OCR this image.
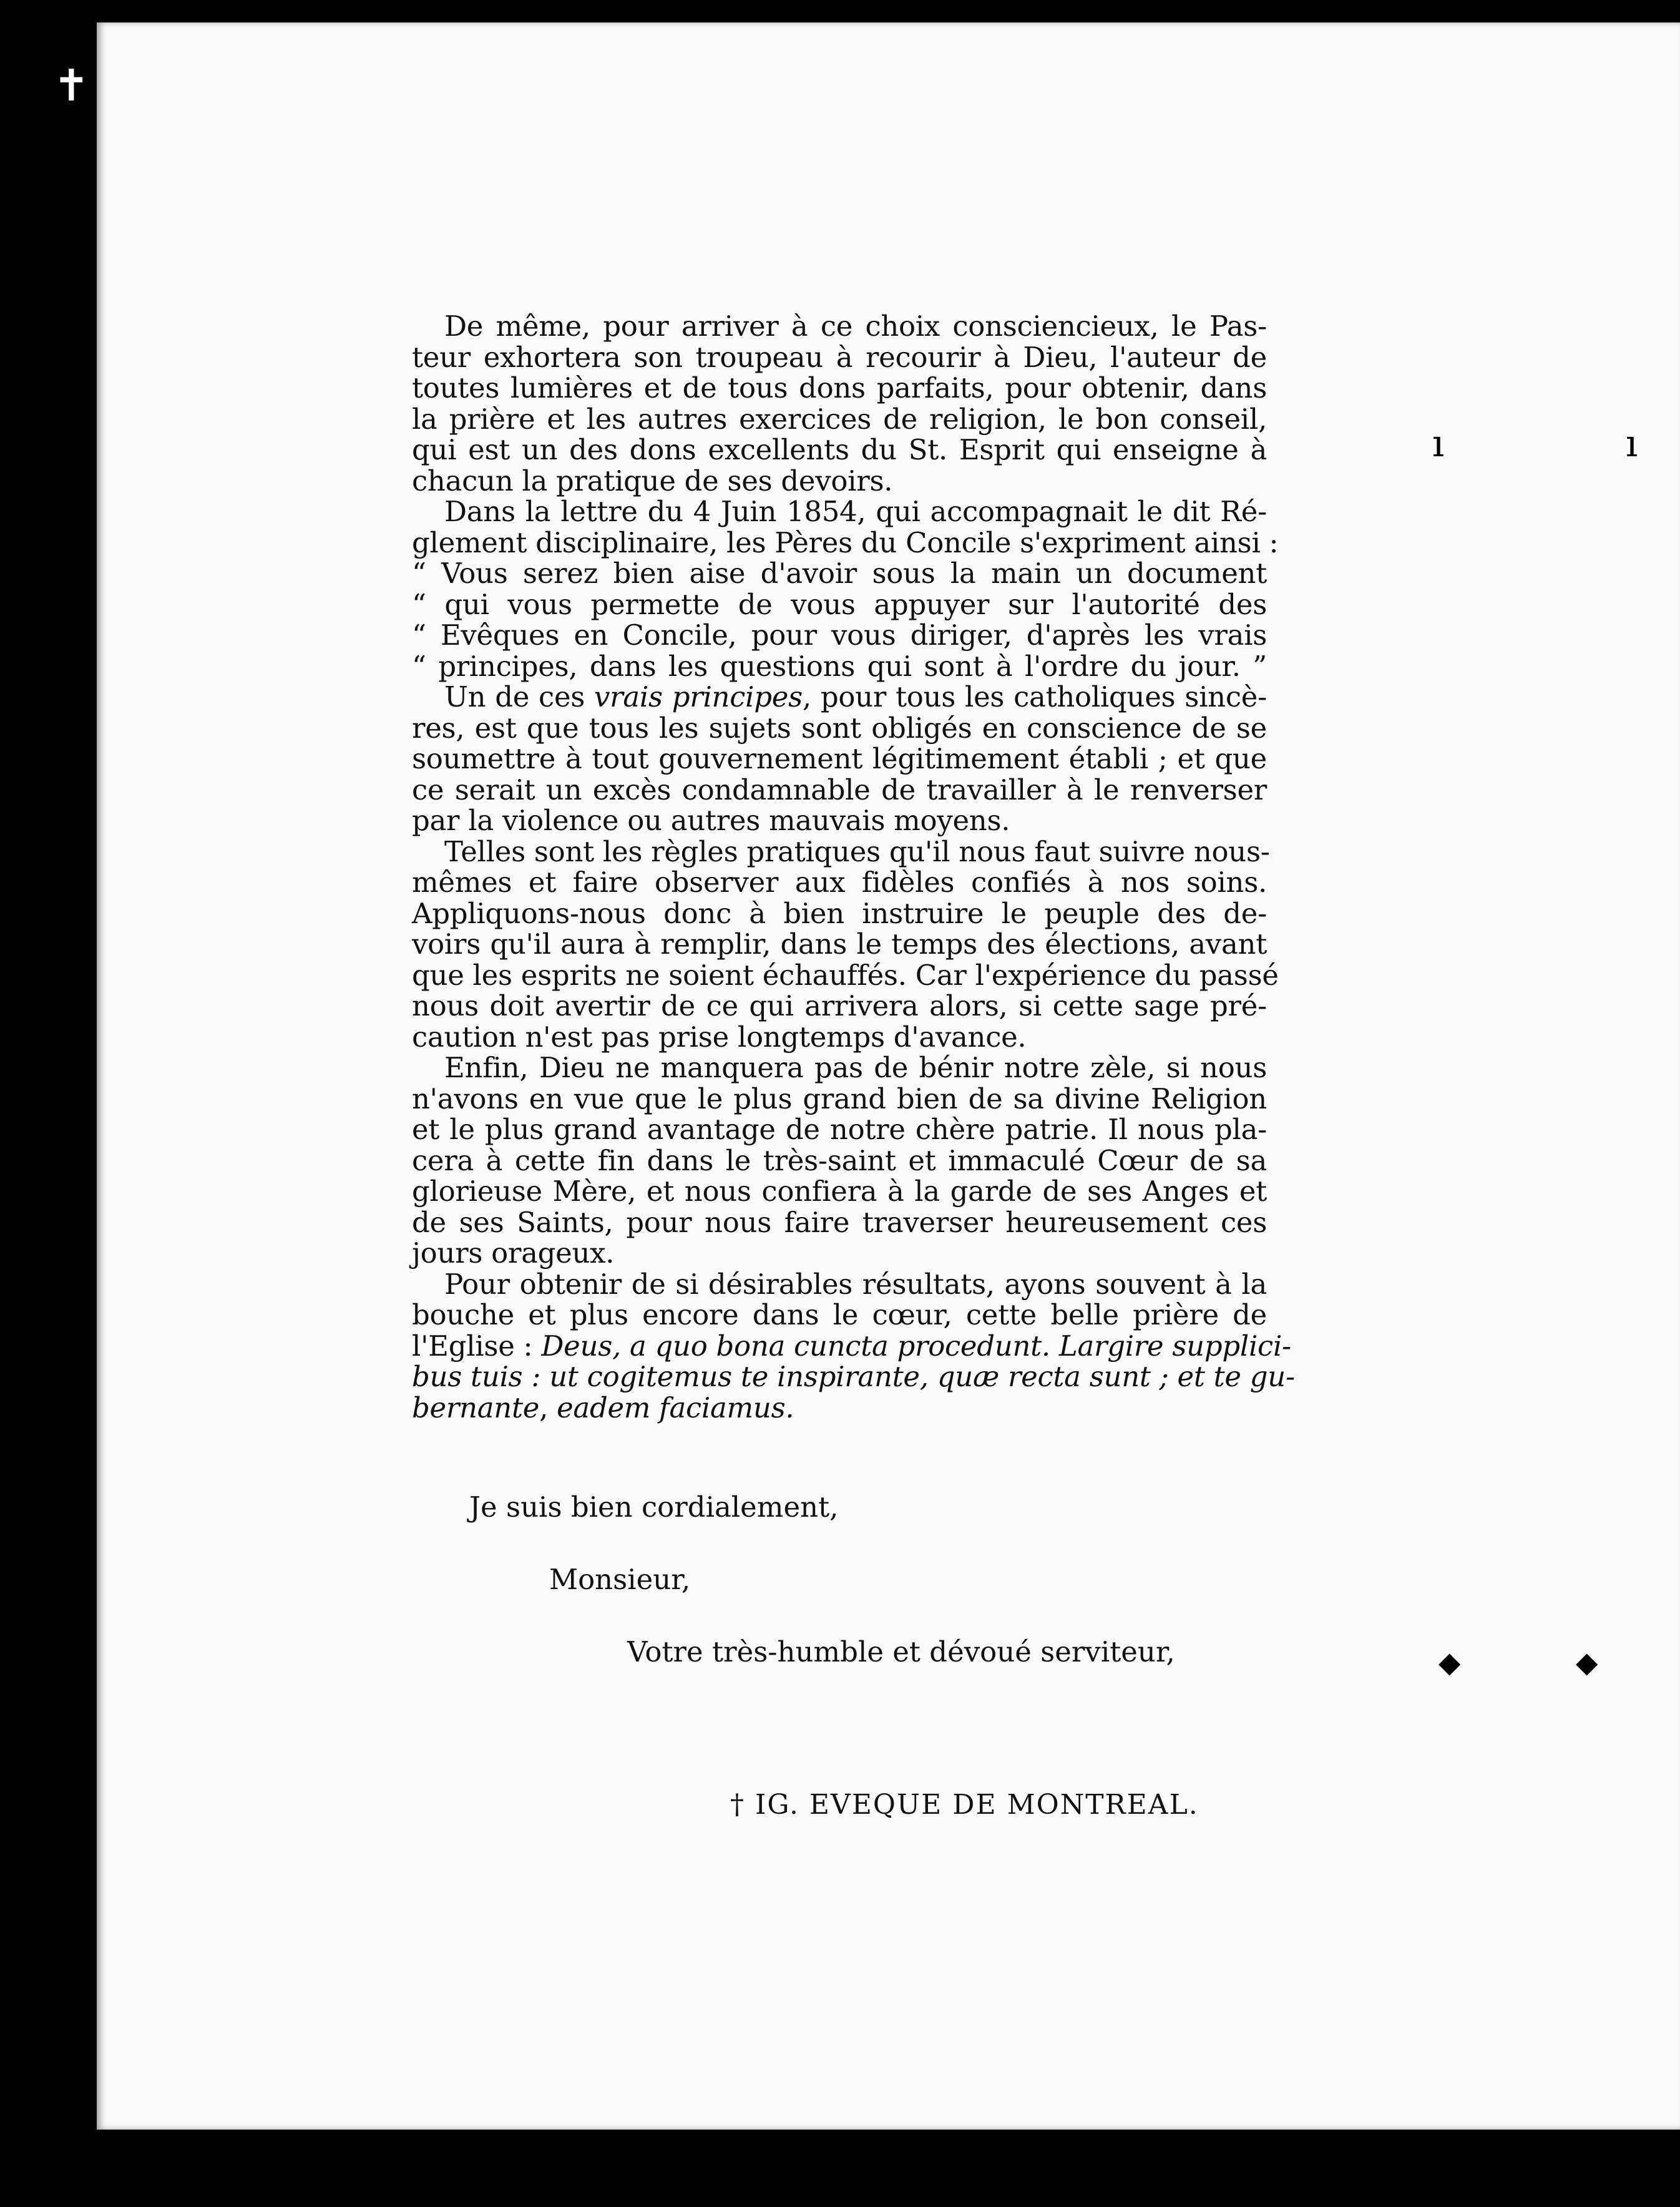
✝
ı	ı
◆	◆
De même, pour arriver à ce choix consciencieux, le Pas-
teur exhortera son troupeau à recourir à Dieu, l'auteur de
toutes lumières et de tous dons parfaits, pour obtenir, dans
la prière et les autres exercices de religion, le bon conseil,
qui est un des dons excellents du St. Esprit qui enseigne à
chacun la pratique de ses devoirs.
Dans la lettre du 4 Juin 1854, qui accompagnait le dit Ré-
glement disciplinaire, les Pères du Concile s'expriment ainsi :
“ Vous serez bien aise d'avoir sous la main un document
“ qui vous permette de vous appuyer sur l'autorité des
“ Evêques en Concile, pour vous diriger, d'après les vrais
“ principes, dans les questions qui sont à l'ordre du jour. ”
Un de ces vrais principes, pour tous les catholiques sincè-
res, est que tous les sujets sont obligés en conscience de se
soumettre à tout gouvernement légitimement établi ; et que
ce serait un excès condamnable de travailler à le renverser
par la violence ou autres mauvais moyens.
Telles sont les règles pratiques qu'il nous faut suivre nous-
mêmes et faire observer aux fidèles confiés à nos soins.
Appliquons-nous donc à bien instruire le peuple des de-
voirs qu'il aura à remplir, dans le temps des élections, avant
que les esprits ne soient échauffés. Car l'expérience du passé
nous doit avertir de ce qui arrivera alors, si cette sage pré-
caution n'est pas prise longtemps d'avance.
Enfin, Dieu ne manquera pas de bénir notre zèle, si nous
n'avons en vue que le plus grand bien de sa divine Religion
et le plus grand avantage de notre chère patrie. Il nous pla-
cera à cette fin dans le très-saint et immaculé Cœur de sa
glorieuse Mère, et nous confiera à la garde de ses Anges et
de ses Saints, pour nous faire traverser heureusement ces
jours orageux.
Pour obtenir de si désirables résultats, ayons souvent à la
bouche et plus encore dans le cœur, cette belle prière de
l'Eglise : Deus, a quo bona cuncta procedunt. Largire supplici-
bus tuis : ut cogitemus te inspirante, quæ recta sunt ; et te gu-
bernante, eadem faciamus.
Je suis bien cordialement,
Monsieur,
Votre très-humble et dévoué serviteur,
† IG. EVEQUE DE MONTREAL.
